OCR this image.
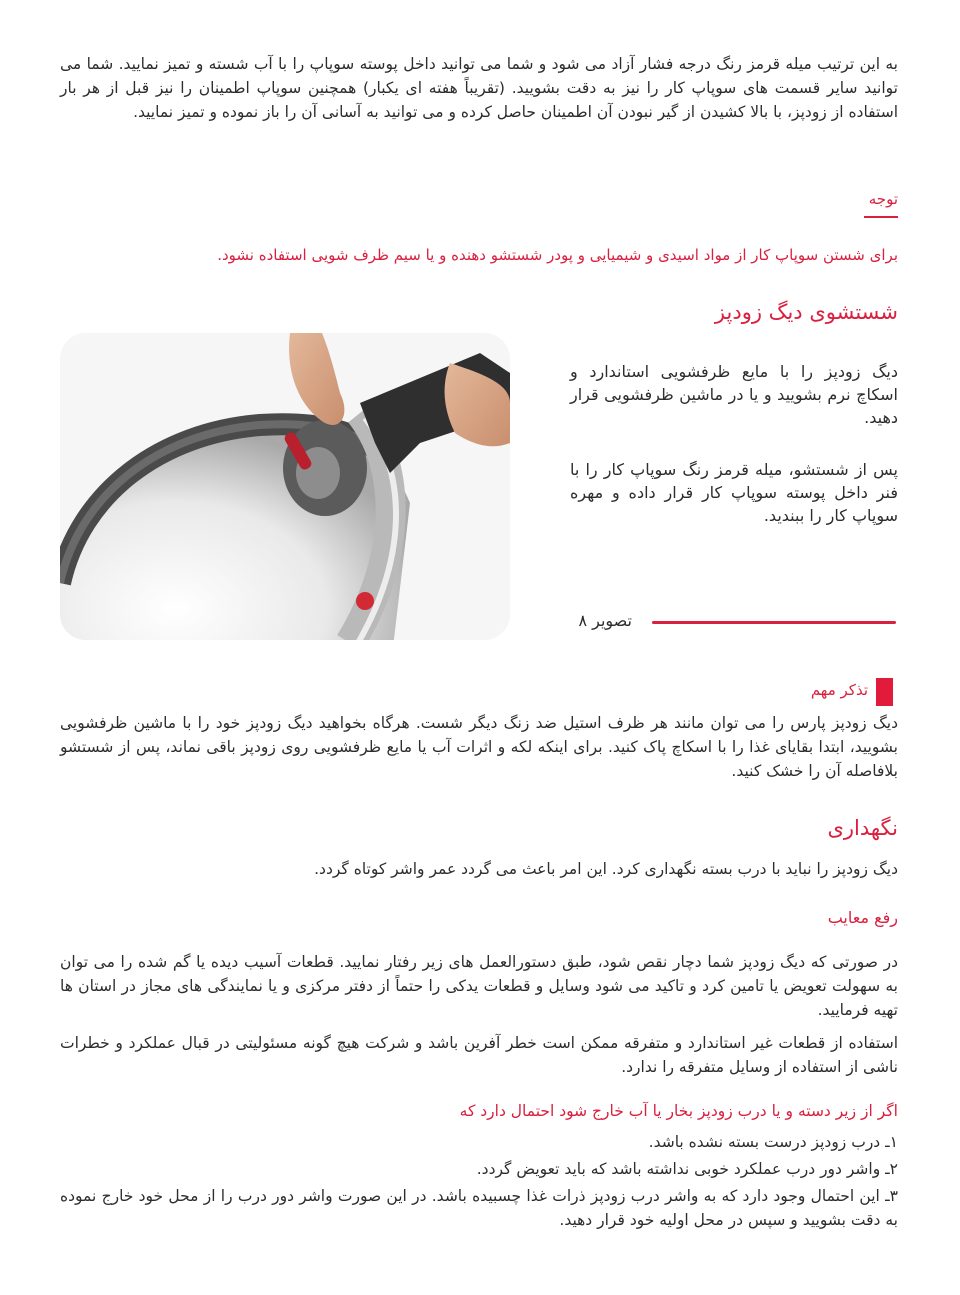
به این ترتیب میله قرمز رنگ درجه فشار آزاد می شود و شما می توانید داخل پوسته سوپاپ را با آب شسته و تمیز نمایید. شما می توانید سایر قسمت های سوپاپ کار را نیز به دقت بشویید. (تقریباً هفته ای یکبار) همچنین سوپاپ اطمینان را نیز قبل از هر بار استفاده از زودپز، با بالا کشیدن از گیر نبودن آن اطمینان حاصل کرده و می توانید به آسانی آن را باز نموده و تمیز نمایید.

توجه

برای شستن سوپاپ کار از مواد اسیدی و شیمیایی و پودر شستشو دهنده و یا سیم ظرف شویی استفاده نشود.

شستشوی دیگ زودپز

دیگ زودپز را با مایع ظرفشویی استاندارد و اسکاچ نرم بشویید و یا در ماشین ظرفشویی قرار دهید.

پس از شستشو، میله قرمز رنگ سوپاپ کار را با فنر داخل پوسته سوپاپ کار قرار داده و مهره سوپاپ کار را ببندید.

تصویر ۸
تذکر مهم

دیگ زودپز پارس را می توان مانند هر ظرف استیل ضد زنگ دیگر شست. هرگاه بخواهید دیگ زودپز خود را با ماشین ظرفشویی بشویید، ابتدا بقایای غذا را با اسکاچ پاک کنید. برای اینکه لکه و اثرات آب یا مایع ظرفشویی روی زودپز باقی نماند، پس از شستشو بلافاصله آن را خشک کنید.

نگهداری

دیگ زودپز را نباید با درب بسته نگهداری کرد. این امر باعث می گردد عمر واشر کوتاه گردد.

رفع معایب

در صورتی که دیگ زودپز شما دچار نقص شود، طبق دستورالعمل های زیر رفتار نمایید. قطعات آسیب دیده یا گم شده را می توان به سهولت تعویض یا تامین کرد و تاکید می شود وسایل و قطعات یدکی را حتماً از دفتر مرکزی و یا نمایندگی های مجاز در استان ها تهیه فرمایید.

استفاده از قطعات غیر استاندارد و متفرقه ممکن است خطر آفرین باشد و شرکت هیچ گونه مسئولیتی در قبال عملکرد و خطرات ناشی از استفاده از وسایل متفرقه را ندارد.

اگر از زیر دسته و یا درب زودپز بخار یا آب خارج شود احتمال دارد که
۱ـ درب زودپز درست بسته نشده باشد.
۲ـ واشر دور درب عملکرد خوبی نداشته باشد که باید تعویض گردد.
۳ـ این احتمال وجود دارد که به واشر درب زودپز ذرات غذا چسبیده باشد. در این صورت واشر دور درب را از محل خود خارج نموده به دقت بشویید و سپس در محل اولیه خود قرار دهید.
